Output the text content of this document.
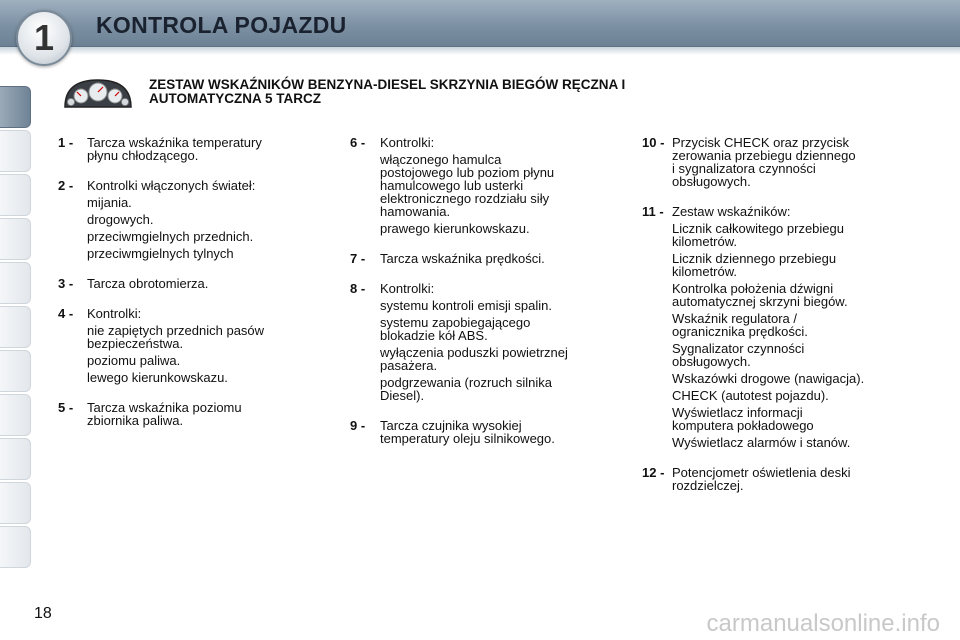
1 KONTROLA POJAZDU
ZESTAW WSKAŹNIKÓW BENZYNA-DIESEL SKRZYNIA BIEGÓW RĘCZNA I
AUTOMATYCZNA 5 TARCZ
1 - Tarcza wskaźnika temperatury
płynu chłodzącego.
2 - Kontrolki włączonych świateł:
mijania.
drogowych.
przeciwmgielnych przednich.
przeciwmgielnych tylnych
3 - Tarcza obrotomierza.
4 - Kontrolki:
nie zapiętych przednich pasów
bezpieczeństwa.
poziomu paliwa.
lewego kierunkowskazu.
5 - Tarcza wskaźnika poziomu
zbiornika paliwa.
6 - Kontrolki:
włączonego hamulca
postojowego lub poziom płynu
hamulcowego lub usterki
elektronicznego rozdziału siły
hamowania.
prawego kierunkowskazu.
7 - Tarcza wskaźnika prędkości.
8 - Kontrolki:
systemu kontroli emisji spalin.
systemu zapobiegającego
blokadzie kół ABS.
wyłączenia poduszki powietrznej
pasażera.
podgrzewania (rozruch silnika
Diesel).
9 - Tarcza czujnika wysokiej
temperatury oleju silnikowego.
10 - Przycisk CHECK oraz przycisk
zerowania przebiegu dziennego
i sygnalizatora czynności
obsługowych.
11 - Zestaw wskaźników:
Licznik całkowitego przebiegu
kilometrów.
Licznik dziennego przebiegu
kilometrów.
Kontrolka położenia dźwigni
automatycznej skrzyni biegów.
Wskaźnik regulatora /
ogranicznika prędkości.
Sygnalizator czynności
obsługowych.
Wskazówki drogowe (nawigacja).
CHECK (autotest pojazdu).
Wyświetlacz informacji
komputera pokładowego
Wyświetlacz alarmów i stanów.
12 - Potencjometr oświetlenia deski
rozdzielczej.
18	carmanualsonline.info
